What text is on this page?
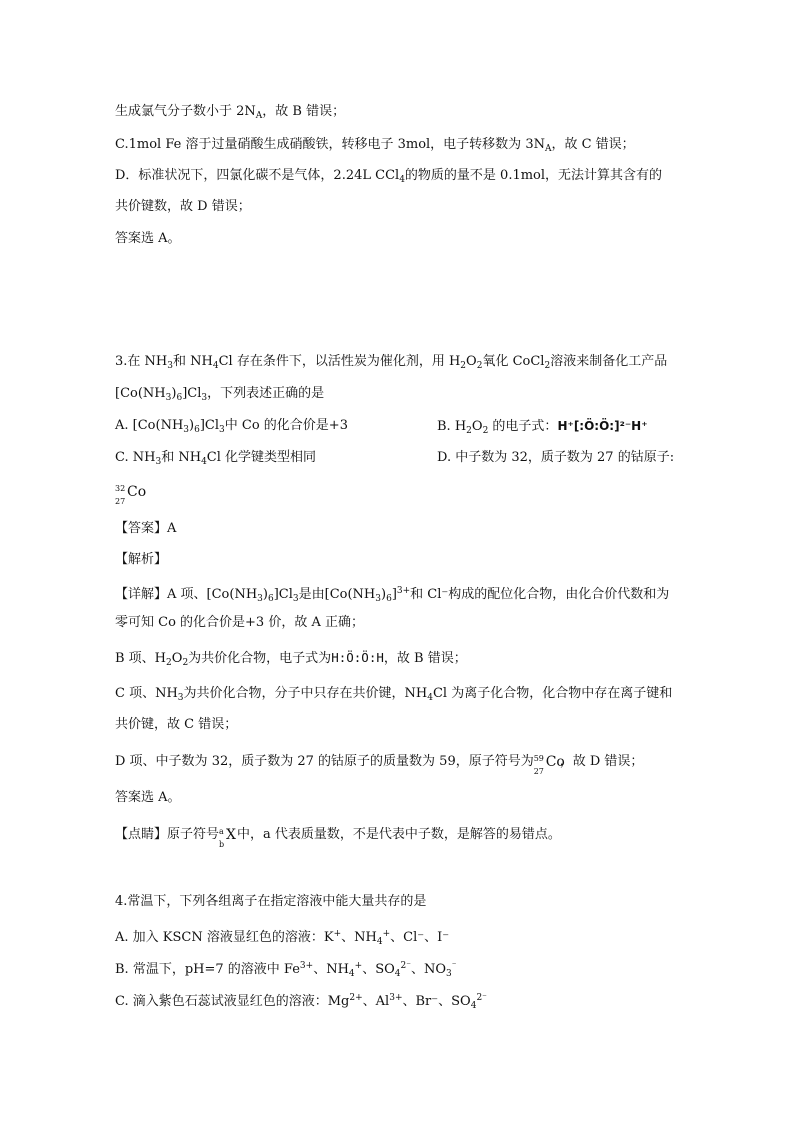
生成氯气分子数小于 $2N_A$，故 B 错误；
C.1mol Fe 溶于过量硝酸生成硝酸铁，转移电子 3mol，电子转移数为 $3N_A$，故 C 错误；
D．标准状况下，四氯化碳不是气体，2.24L CCl$_4$的物质的量不是 0.1mol，无法计算其含有的
共价键数，故 D 错误；
答案选 A。
3.在 $NH_3$和 $NH_4Cl$ 存在条件下，以活性炭为催化剂，用 $H_2O_2$氧化 CoCl$_2$溶液来制备化工产品
$[Co(NH_3)_6]Cl_3$，下列表述正确的是
A. $[Co(NH_3)_6]Cl_3$中 Co 的化合价是+3	B. $H_2O_2$ 的电子式：H⁺[:Ö:Ö:]²⁻H⁺
C. $NH_3$和 $NH_4Cl$ 化学键类型相同	D. 中子数为 32，质子数为 27 的钴原子:
32
27
Co
【答案】A
【解析】
【详解】A 项、$[Co(NH_3)_6]Cl_3$是由$[Co(NH_3)_6]^{3+}$和 Cl⁻构成的配位化合物，由化合价代数和为
零可知 Co 的化合价是+3 价，故 A 正确；
B 项、$H_2O_2$为共价化合物，电子式为H:Ö:Ö:H，故 B 错误；
C 项、$NH_3$为共价化合物，分子中只存在共价键，$NH_4Cl$ 为离子化合物，化合物中存在离子键和
共价键，故 C 错误；
D 项、中子数为 32，质子数为 27 的钴原子的质量数为 59，原子符号为 59
27
Co
，故 D 错误；
答案选 A。
【点睛】原子符号 a
b
X 中，a 代表质量数，不是代表中子数，是解答的易错点。
4.常温下，下列各组离子在指定溶液中能大量共存的是
A. 加入 KSCN 溶液显红色的溶液：K+、$NH_4^+$、Cl⁻、I⁻
B. 常温下，pH=7 的溶液中 $Fe^{3+}$、$NH_4^+$、$SO_4^{2^-}$、$NO_3^{^-}$
C. 滴入紫色石蕊试液显红色的溶液：$Mg^{2+}$、$Al^{3+}$、Br⁻、$SO_4^{2^-}$
